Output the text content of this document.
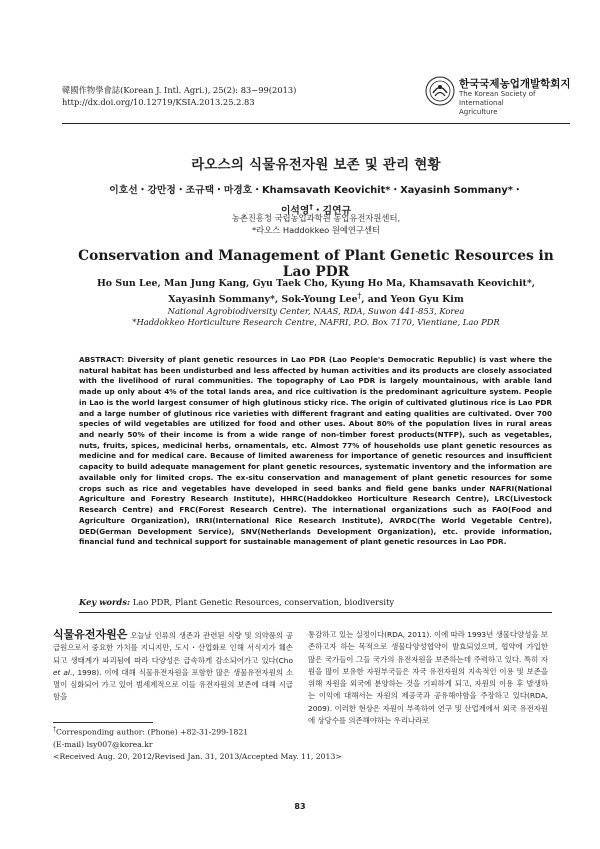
韓國作物學會誌(Korean J. Intl. Agri.), 25(2): 83−99(2013)
http://dx.doi.org/10.12719/KSIA.2013.25.2.83
한국국제농업개발학회지
The Korean Society of International
Agriculture
라오스의 식물유전자원 보존 및 관리 현황
이호선・강만정・조규택・마경호・Khamsavath Keovichit*・Xayasinh Sommany*・
이석영†・김연규
농촌진흥청 국립농업과학원 농업유전자원센터,
*라오스 Haddokkeo 원예연구센터
Conservation and Management of Plant Genetic Resources in Lao PDR
Ho Sun Lee, Man Jung Kang, Gyu Taek Cho, Kyung Ho Ma, Khamsavath Keovichit*,
Xayasinh Sommany*, Sok-Young Lee†, and Yeon Gyu Kim
National Agrobiodiversity Center, NAAS, RDA, Suwon 441-853, Korea
*Haddokkeo Horticulture Research Centre, NAFRI, P.O. Box 7170, Vientiane, Lao PDR

ABSTRACT: Diversity of plant genetic resources in Lao PDR (Lao People's Democratic Republic) is vast where the natural habitat has been undisturbed and less affected by human activities and its products are closely associated with the livelihood of rural communities. The topography of Lao PDR is largely mountainous, with arable land made up only about 4% of the total lands area, and rice cultivation is the predominant agriculture system. People in Lao is the world largest consumer of high glutinous sticky rice. The origin of cultivated glutinous rice is Lao PDR and a large number of glutinous rice varieties with different fragrant and eating qualities are cultivated. Over 700 species of wild vegetables are utilized for food and other uses. About 80% of the population lives in rural areas and nearly 50% of their income is from a wide range of non-timber forest products(NTFP), such as vegetables, nuts, fruits, spices, medicinal herbs, ornamentals, etc. Almost 77% of households use plant genetic resources as medicine and for medical care. Because of limited awareness for importance of genetic resources and insufficient capacity to build adequate management for plant genetic resources, systematic inventory and the information are available only for limited crops. The ex-situ conservation and management of plant genetic resources for some crops such as rice and vegetables have developed in seed banks and field gene banks under NAFRI(National Agriculture and Forestry Research Institute), HHRC(Haddokkeo Horticulture Research Centre), LRC(Livestock Research Centre) and FRC(Forest Research Centre). The international organizations such as FAO(Food and Agriculture Organization), IRRI(International Rice Research Institute), AVRDC(The World Vegetable Centre), DED(German Development Service), SNV(Netherlands Development Organization), etc. provide information, financial fund and technical support for sustainable management of plant genetic resources in Lao PDR.

Key words: Lao PDR, Plant Genetic Resources, conservation, biodiversity

식물유전자원은 오늘날 인류의 생존과 관련된 식량 및 의약품의 공급원으로서 중요한 가치를 지니지만, 도시・산업화로 인해 서식지가 훼손되고 생태계가 파괴됨에 따라 다양성은 급속하게 감소되어가고 있다(Cho et al., 1998). 이에 대해 식물유전자원을 포함한 많은 생물유전자원의 소멸이 심화되어 가고 있어 범세계적으로 이들 유전자원의 보존에 대해 시급함을

통감하고 있는 실정이다(RDA, 2011). 이에 따라 1993년 생물다양성을 보존하고자 하는 목적으로 생물다양성협약이 발효되었으며, 협약에 가입한 많은 국가들이 그들 국가의 유전자원을 보존하는데 주력하고 있다. 특히 자원을 많이 보유한 자원부국들은 자국 유전자원의 지속적인 이용 및 보존을 위해 자원을 외국에 분양하는 것을 기피하게 되고, 자원의 이용 후 발생하는 이익에 대해서는 자원의 제공국과 공유해야함을 주장하고 있다(RDA, 2009). 이러한 현상은 자원이 부족하여 연구 및 산업계에서 외국 유전자원에 상당수를 의존해야하는 우리나라로

†Corresponding author: (Phone) +82-31-299-1821
(E-mail) lsy007@korea.kr
<Received Aug. 20, 2012/Revised Jan. 31, 2013/Accepted May. 11, 2013>
83
